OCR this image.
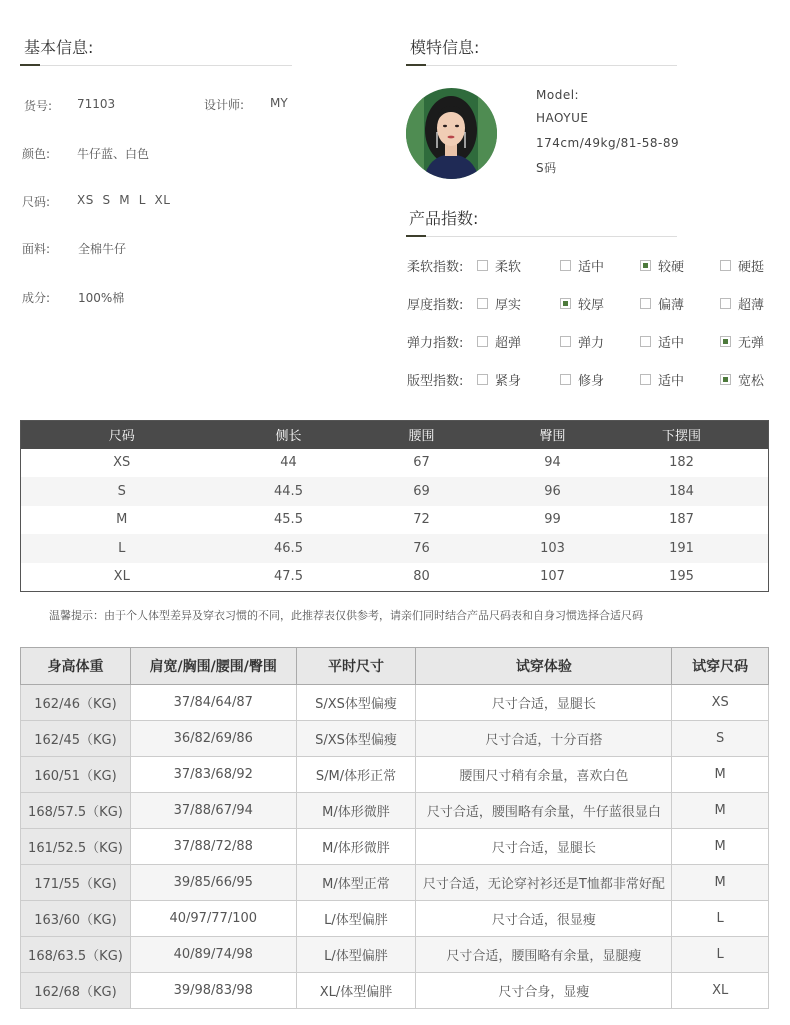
基本信息:
货号: 71103	设计师: MY
颜色: 牛仔蓝、白色
尺码: XS  S  M  L  XL
面料: 全棉牛仔
成分: 100%棉
模特信息:
Model:
HAOYUE
174cm/49kg/81-58-89
S码
产品指数:
柔软指数: 柔软	适中	较硬	硬挺
厚度指数: 厚实	较厚	偏薄	超薄
弹力指数: 超弹	弹力	适中	无弹
版型指数: 紧身	修身	适中	宽松
尺码	侧长	腰围	臀围	下摆围	
XS	44	67	94	182	
S	44.5	69	96	184	
M	45.5	72	99	187	
L	46.5	76	103	191	
XL	47.5	80	107	195	
温馨提示：由于个人体型差异及穿衣习惯的不同，此推荐表仅供参考，请亲们同时结合产品尺码表和自身习惯选择合适尺码
身高体重	肩宽/胸围/腰围/臀围	平时尺寸	试穿体验	试穿尺码
162/46（KG)	37/84/64/87	S/XS体型偏瘦	尺寸合适，显腿长	XS
162/45（KG)	36/82/69/86	S/XS体型偏瘦	尺寸合适，十分百搭	S
160/51（KG)	37/83/68/92	S/M/体形正常	腰围尺寸稍有余量，喜欢白色	M
168/57.5（KG)	37/88/67/94	M/体形微胖	尺寸合适，腰围略有余量，牛仔蓝很显白	M
161/52.5（KG)	37/88/72/88	M/体形微胖	尺寸合适，显腿长	M
171/55（KG)	39/85/66/95	M/体型正常	尺寸合适，无论穿衬衫还是T恤都非常好配	M
163/60（KG)	40/97/77/100	L/体型偏胖	尺寸合适，很显瘦	L
168/63.5（KG)	40/89/74/98	L/体型偏胖	尺寸合适，腰围略有余量，显腿瘦	L
162/68（KG)	39/98/83/98	XL/体型偏胖	尺寸合身，显瘦	XL
